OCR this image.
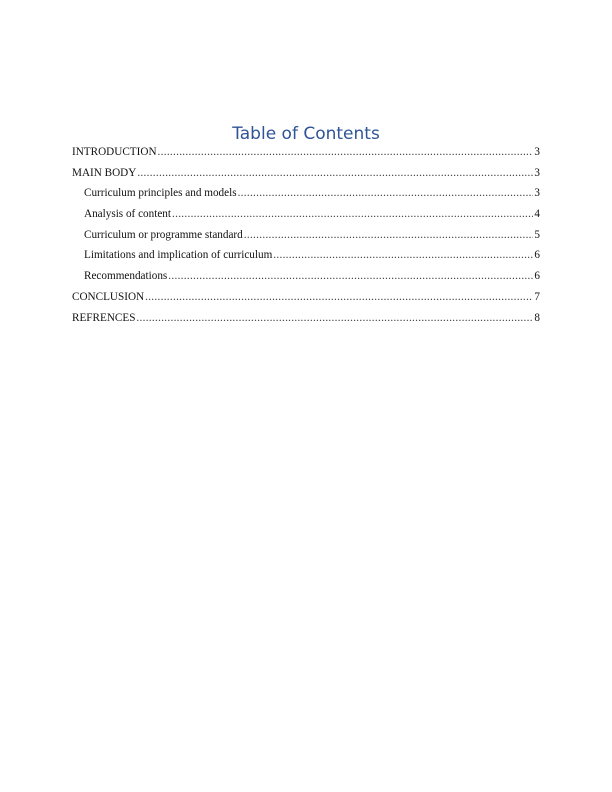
Table of Contents
INTRODUCTION .....	3
MAIN BODY .....	3
Curriculum principles and models .....	3
Analysis of content .....	4
Curriculum or programme standard .....	5
Limitations and implication of curriculum .....	6
Recommendations .....	6
CONCLUSION .....	7
REFRENCES .....	8
